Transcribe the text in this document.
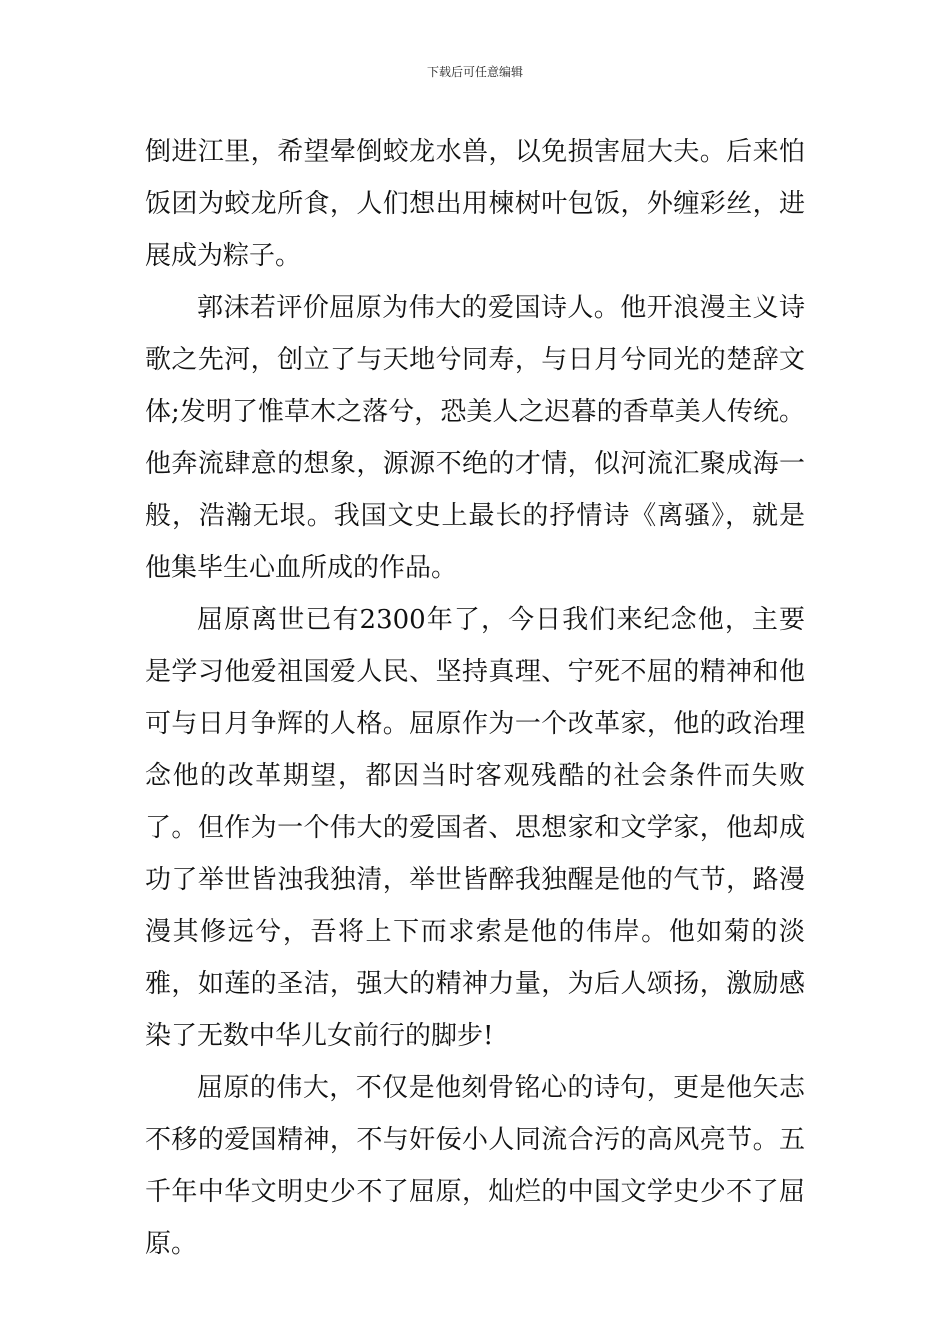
下载后可任意编辑

倒进江里，希望晕倒蛟龙水兽，以免损害屈大夫。后来怕饭团为蛟龙所食，人们想出用楝树叶包饭，外缠彩丝，进展成为粽子。

郭沫若评价屈原为伟大的爱国诗人。他开浪漫主义诗歌之先河，创立了与天地兮同寿，与日月兮同光的楚辞文体;发明了惟草木之落兮，恐美人之迟暮的香草美人传统。他奔流肆意的想象，源源不绝的才情，似河流汇聚成海一般，浩瀚无垠。我国文史上最长的抒情诗《离骚》，就是他集毕生心血所成的作品。

屈原离世已有2300年了，今日我们来纪念他，主要是学习他爱祖国爱人民、坚持真理、宁死不屈的精神和他可与日月争辉的人格。屈原作为一个改革家，他的政治理念他的改革期望，都因当时客观残酷的社会条件而失败了。但作为一个伟大的爱国者、思想家和文学家，他却成功了举世皆浊我独清，举世皆醉我独醒是他的气节，路漫漫其修远兮，吾将上下而求索是他的伟岸。他如菊的淡雅，如莲的圣洁，强大的精神力量，为后人颂扬，激励感染了无数中华儿女前行的脚步!

屈原的伟大，不仅是他刻骨铭心的诗句，更是他矢志不移的爱国精神，不与奸佞小人同流合污的高风亮节。五千年中华文明史少不了屈原，灿烂的中国文学史少不了屈原。
